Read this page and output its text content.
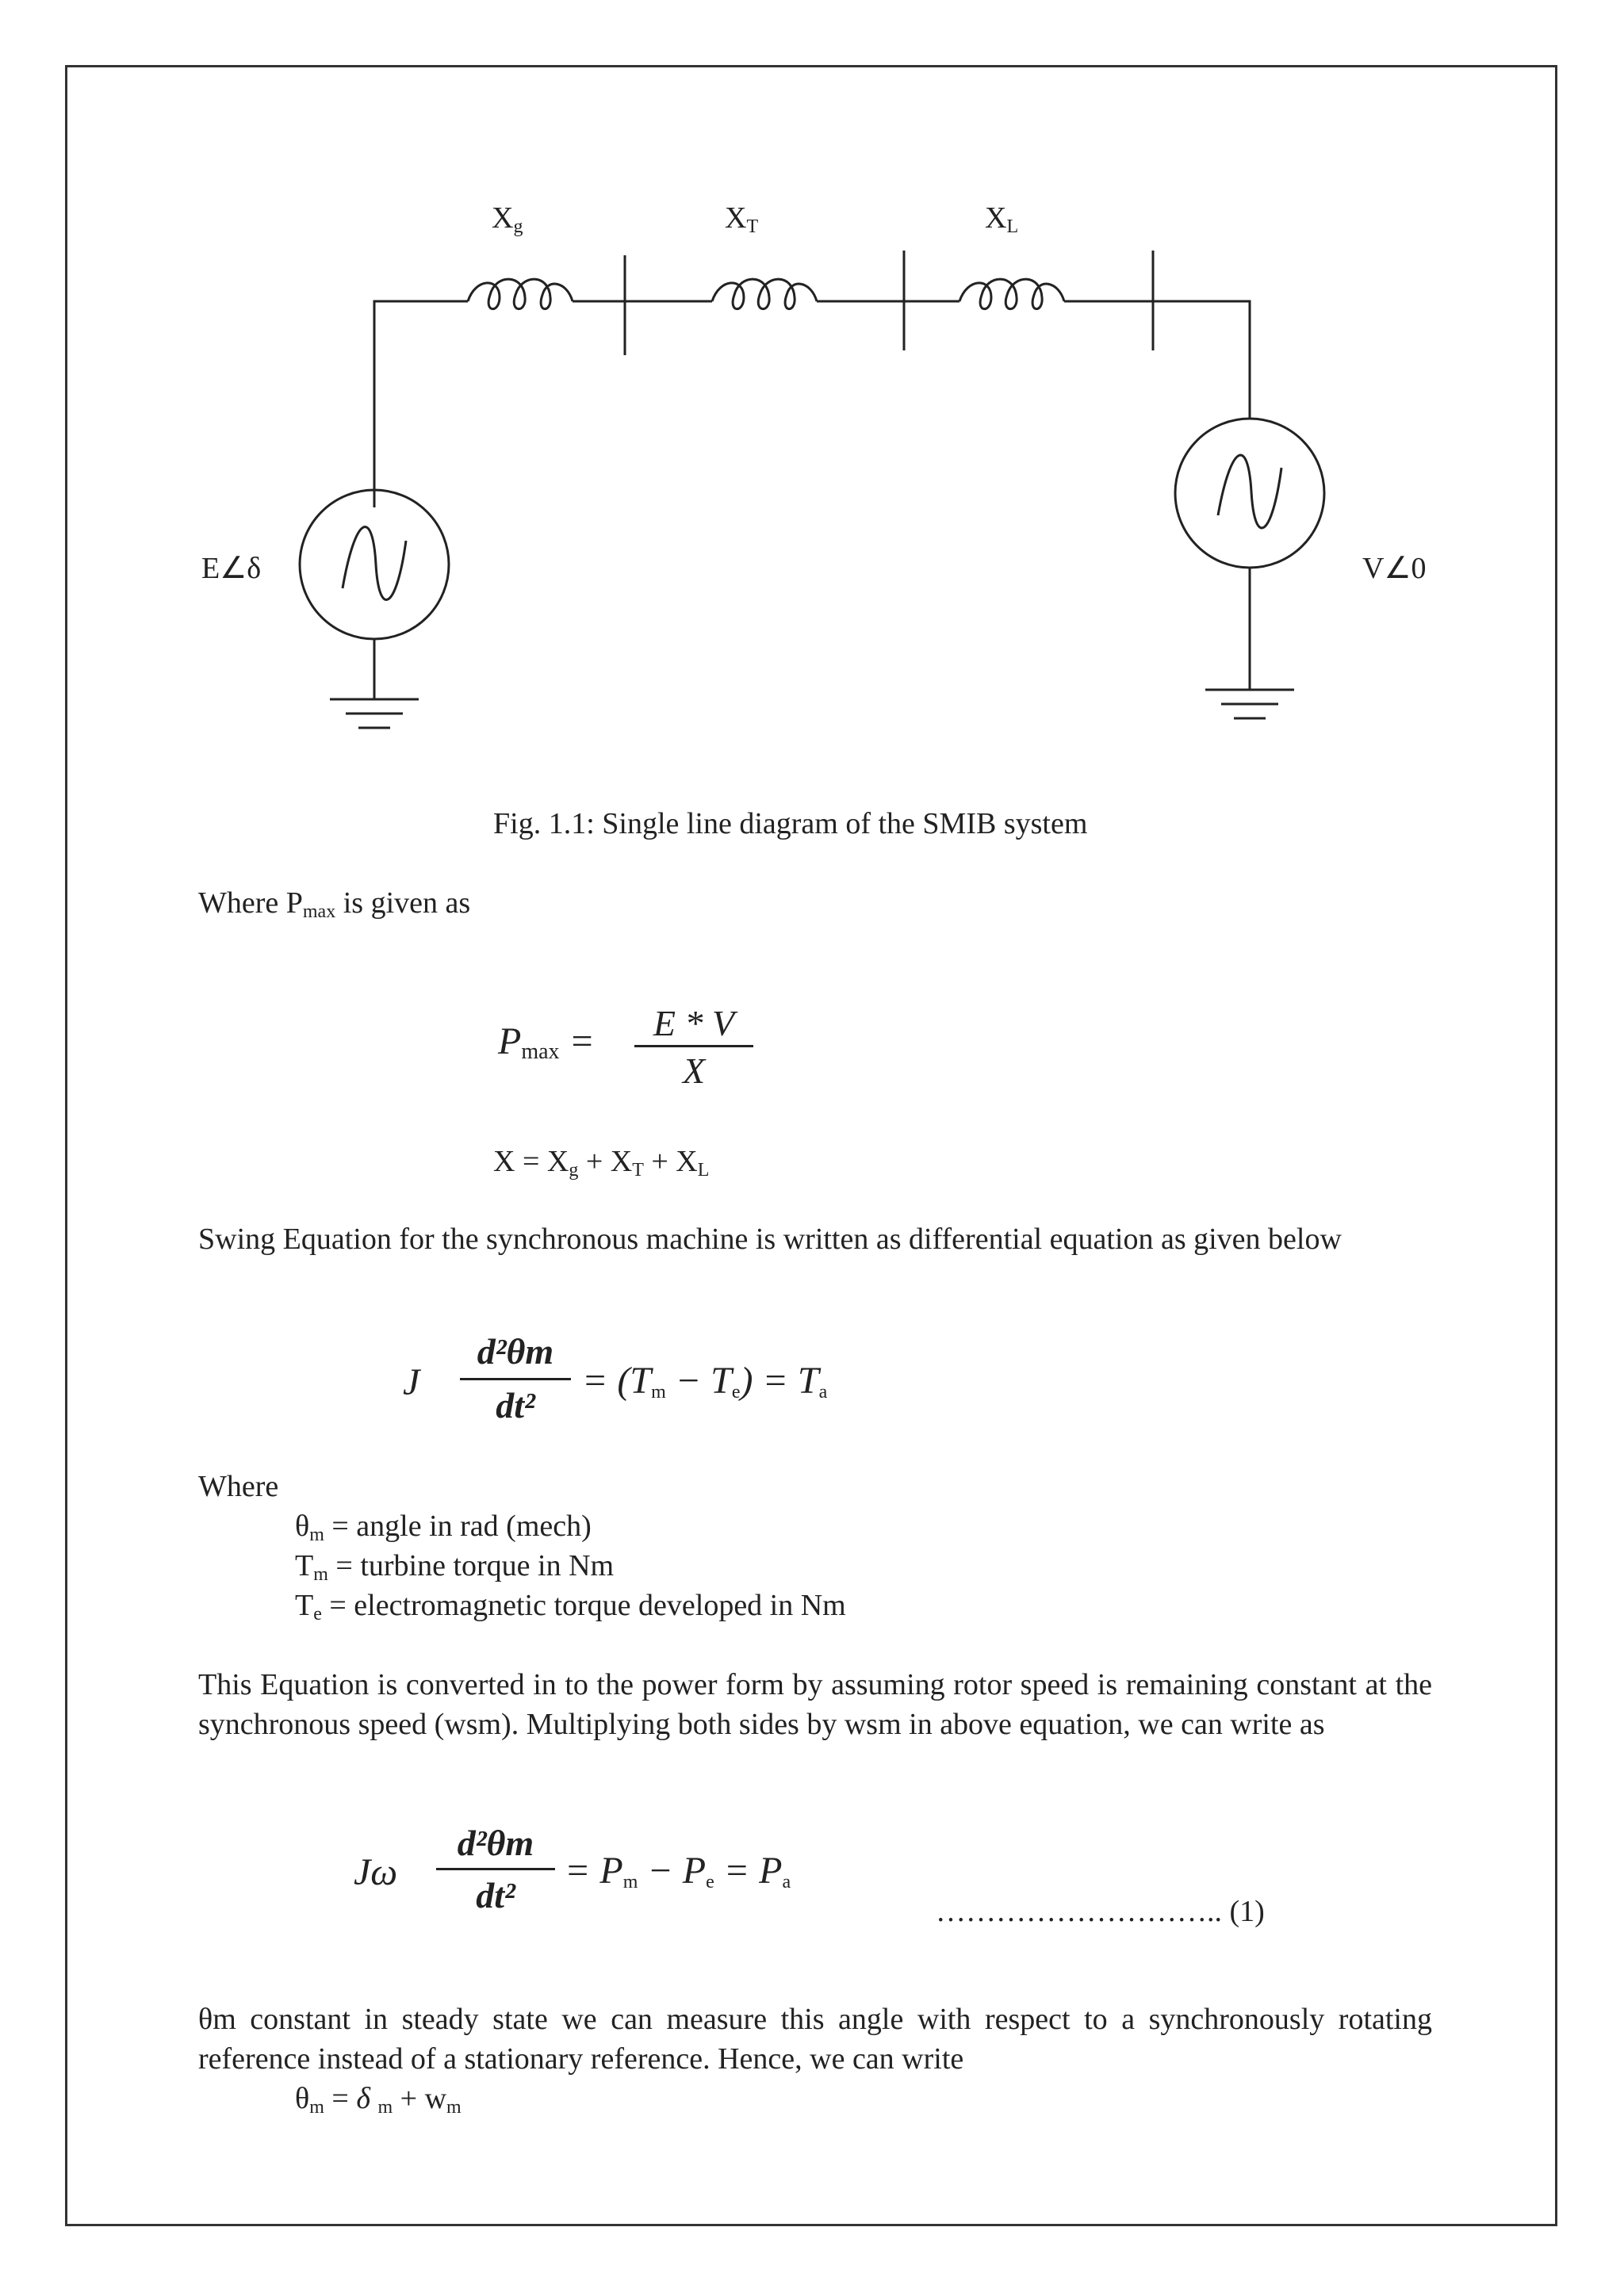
$X_g$	$X_T$	$X_L$
E∠δ	V∠0
Fig. 1.1: Single line diagram of the SMIB system
Where $P_{max}$ is given as
$P_{max}$ =	E * V
X
$X = X_g + X_T + X_L$
Swing Equation for the synchronous machine is written as differential equation as given below
J
d²θm
dt²
= $(T_m - T_e) = T_a$
Where
$\theta_m$ = angle in rad (mech)
$T_m$ = turbine torque in Nm
$T_e$ = electromagnetic torque developed in Nm
This Equation is converted in to the power form by assuming rotor speed is remaining constant at the synchronous speed (wsm). Multiplying both sides by wsm in above equation, we can write as
Jω
d²θm
dt²
= $P_m - P_e = P_a$
……………………….. (1)
θm constant in steady state we can measure this angle with respect to a synchronously rotating reference instead of a stationary reference. Hence, we can write
$\theta_m = \delta$ $_m + w_m$
